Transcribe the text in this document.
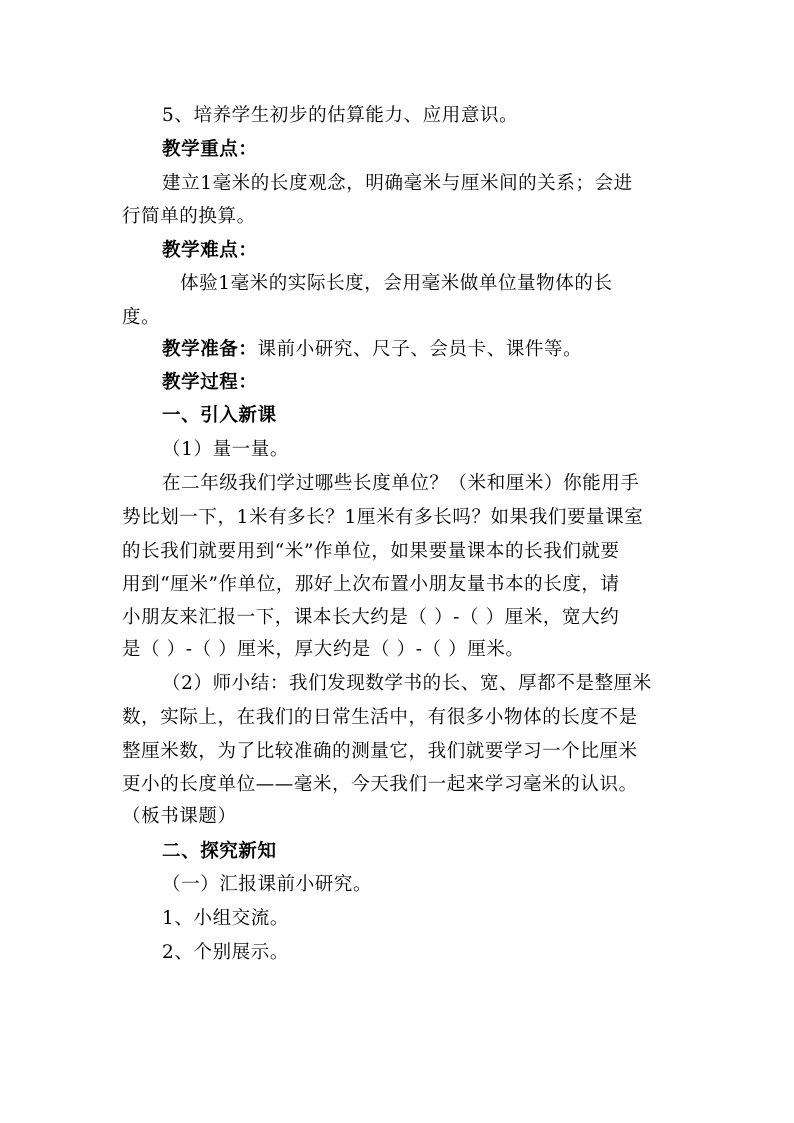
5、培养学生初步的估算能力、应用意识。
教学重点：
建立1毫米的长度观念，明确毫米与厘米间的关系；会进
行简单的换算。
教学难点：
体验1毫米的实际长度，会用毫米做单位量物体的长
度。
教学准备：课前小研究、尺子、会员卡、课件等。
教学过程：
一、引入新课
（1）量一量。
在二年级我们学过哪些长度单位？（米和厘米）你能用手
势比划一下，1米有多长？1厘米有多长吗？如果我们要量课室
的长我们就要用到“米”作单位，如果要量课本的长我们就要
用到“厘米”作单位，那好上次布置小朋友量书本的长度，请
小朋友来汇报一下，课本长大约是（ ）-（ ）厘米，宽大约
是（ ）-（ ）厘米，厚大约是（ ）-（ ）厘米。
（2）师小结：我们发现数学书的长、宽、厚都不是整厘米
数，实际上，在我们的日常生活中，有很多小物体的长度不是
整厘米数，为了比较准确的测量它，我们就要学习一个比厘米
更小的长度单位——毫米，今天我们一起来学习毫米的认识。
（板书课题）
二、探究新知
（一）汇报课前小研究。
1、小组交流。
2、个别展示。
